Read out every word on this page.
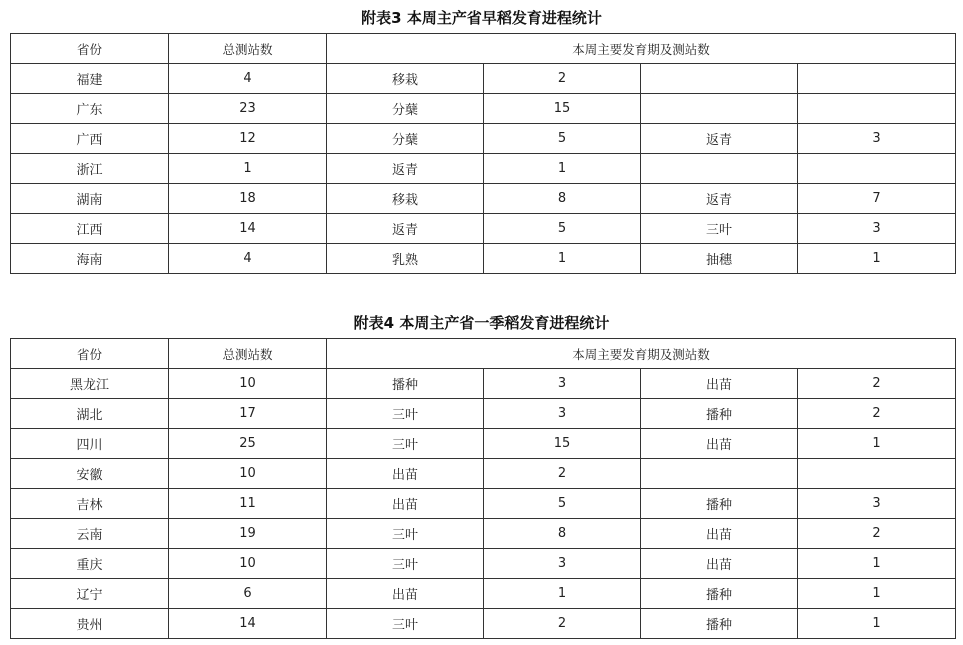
附表3 本周主产省早稻发育进程统计
省份	总测站数	本周主要发育期及测站数			
福建	4	移栽	2		
广东	23	分蘖	15		
广西	12	分蘖	5	返青	3
浙江	1	返青	1		
湖南	18	移栽	8	返青	7
江西	14	返青	5	三叶	3
海南	4	乳熟	1	抽穗	1
附表4 本周主产省一季稻发育进程统计
省份	总测站数	本周主要发育期及测站数			
黑龙江	10	播种	3	出苗	2
湖北	17	三叶	3	播种	2
四川	25	三叶	15	出苗	1
安徽	10	出苗	2		
吉林	11	出苗	5	播种	3
云南	19	三叶	8	出苗	2
重庆	10	三叶	3	出苗	1
辽宁	6	出苗	1	播种	1
贵州	14	三叶	2	播种	1
